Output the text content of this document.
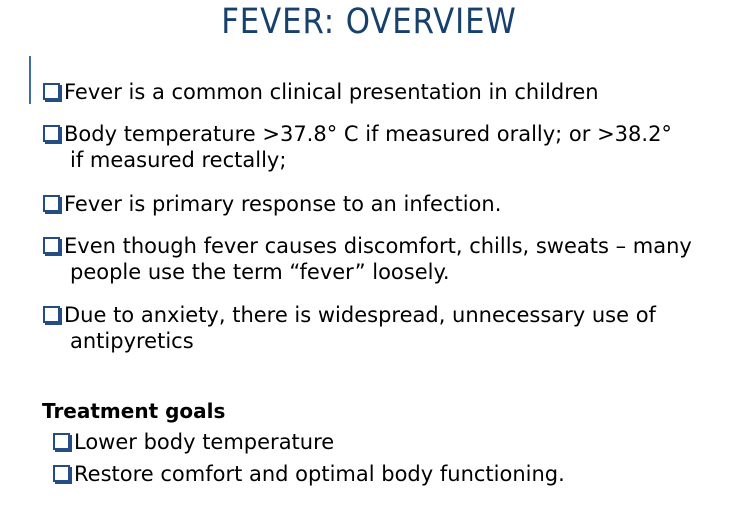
FEVER: OVERVIEW
Fever is a common clinical presentation in children
Body temperature >37.8° C if measured orally; or >38.2°
if measured rectally;
Fever is primary response to an infection.
Even though fever causes discomfort, chills, sweats – many
people use the term “fever” loosely.
Due to anxiety, there is widespread, unnecessary use of
antipyretics
Treatment goals
Lower body temperature
Restore comfort and optimal body functioning.
